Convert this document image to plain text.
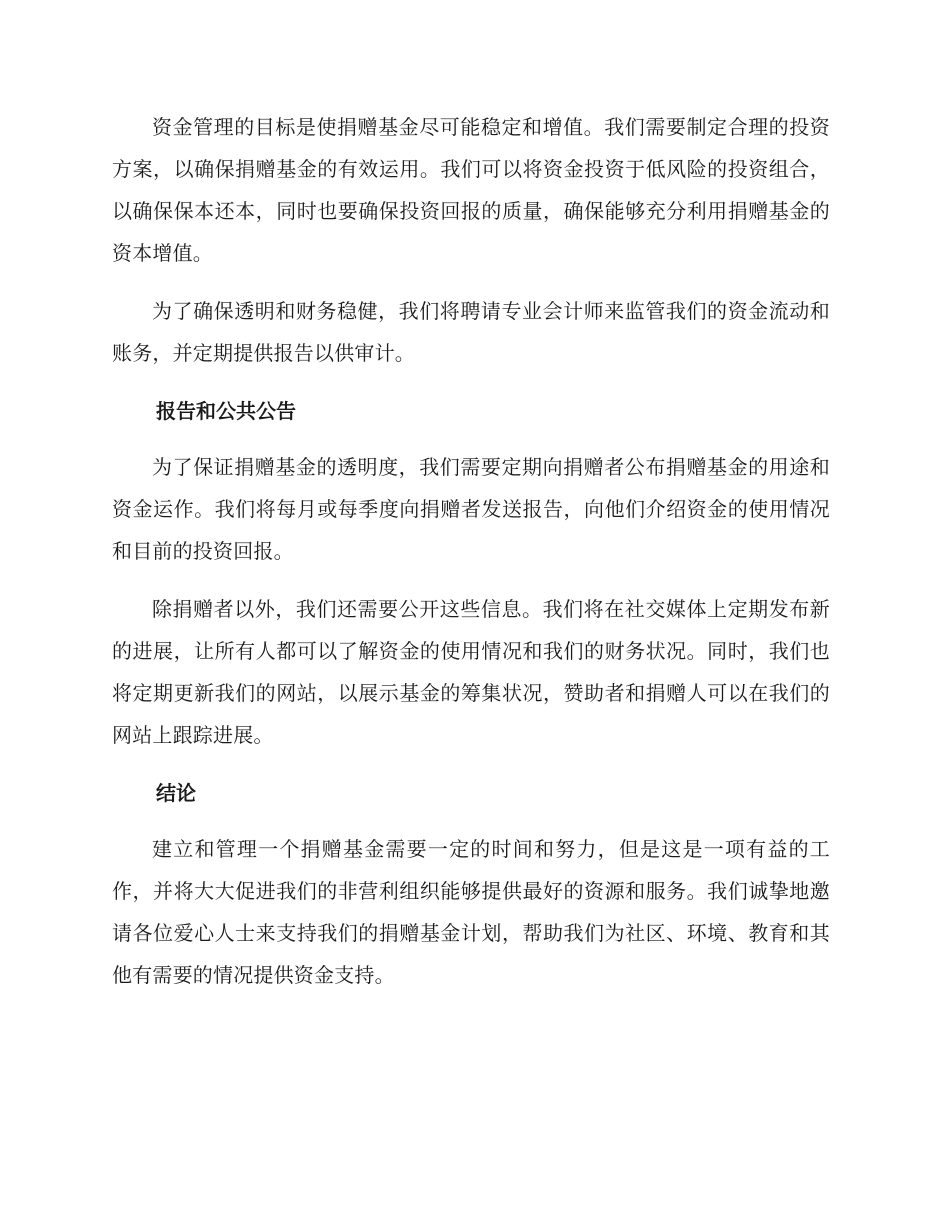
资金管理的目标是使捐赠基金尽可能稳定和增值。我们需要制定合理的投资方案，以确保捐赠基金的有效运用。我们可以将资金投资于低风险的投资组合，以确保保本还本，同时也要确保投资回报的质量，确保能够充分利用捐赠基金的资本增值。

为了确保透明和财务稳健，我们将聘请专业会计师来监管我们的资金流动和账务，并定期提供报告以供审计。

报告和公共公告

为了保证捐赠基金的透明度，我们需要定期向捐赠者公布捐赠基金的用途和资金运作。我们将每月或每季度向捐赠者发送报告，向他们介绍资金的使用情况和目前的投资回报。

除捐赠者以外，我们还需要公开这些信息。我们将在社交媒体上定期发布新的进展，让所有人都可以了解资金的使用情况和我们的财务状况。同时，我们也将定期更新我们的网站，以展示基金的筹集状况，赞助者和捐赠人可以在我们的网站上跟踪进展。

结论

建立和管理一个捐赠基金需要一定的时间和努力，但是这是一项有益的工作，并将大大促进我们的非营利组织能够提供最好的资源和服务。我们诚挚地邀请各位爱心人士来支持我们的捐赠基金计划，帮助我们为社区、环境、教育和其他有需要的情况提供资金支持。
